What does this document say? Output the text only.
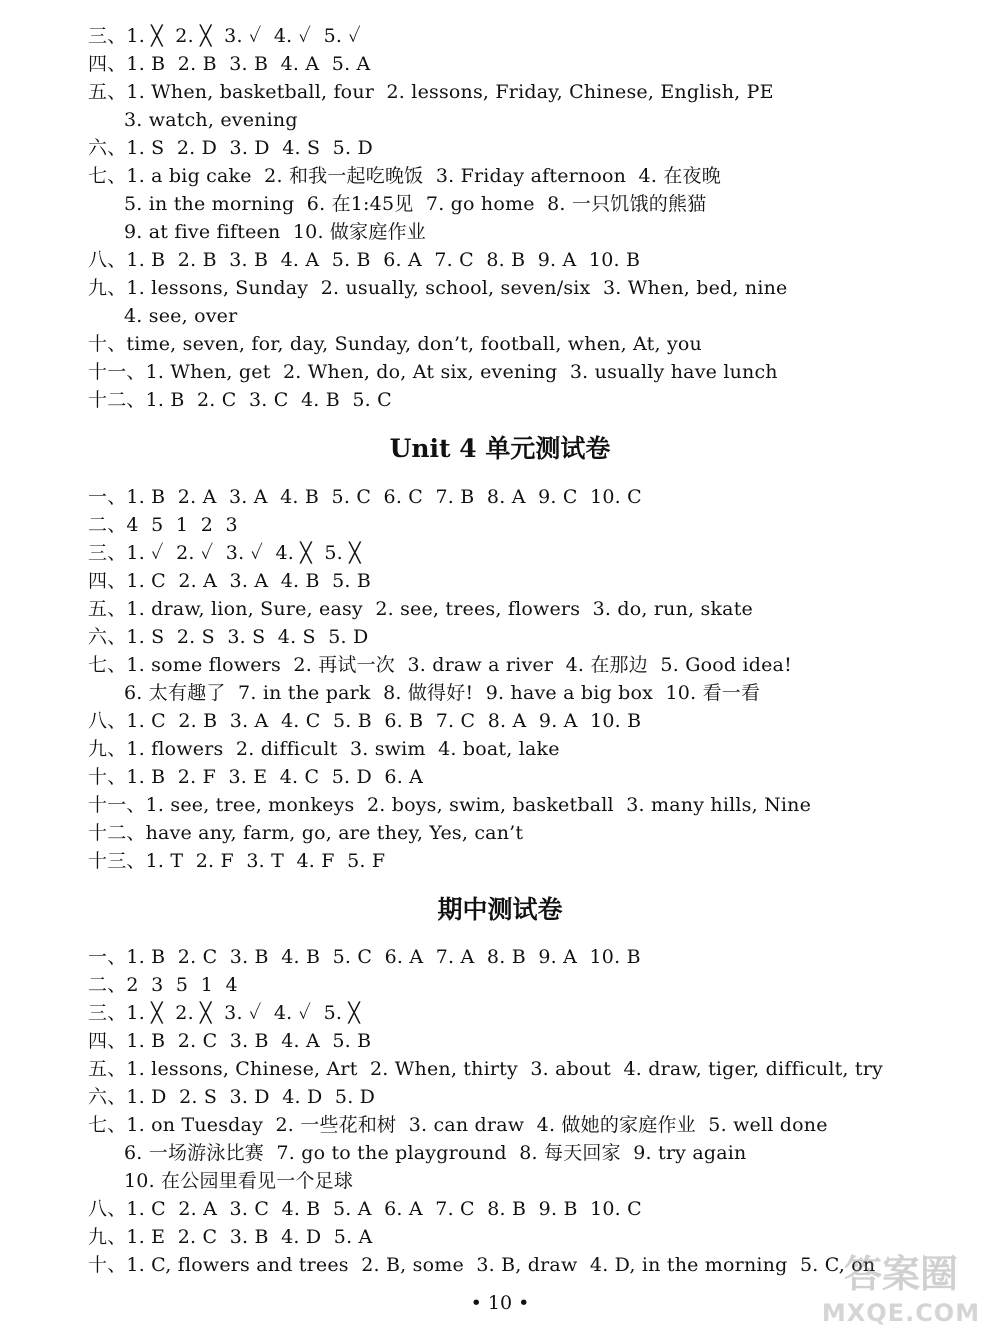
三、1. ╳  2. ╳  3. ✓  4. ✓  5. ✓
四、1. B  2. B  3. B  4. A  5. A
五、1. When, basketball, four  2. lessons, Friday, Chinese, English, PE
3. watch, evening
六、1. S  2. D  3. D  4. S  5. D
七、1. a big cake  2. 和我一起吃晚饭  3. Friday afternoon  4. 在夜晚
5. in the morning  6. 在1:45见  7. go home  8. 一只饥饿的熊猫
9. at five fifteen  10. 做家庭作业
八、1. B  2. B  3. B  4. A  5. B  6. A  7. C  8. B  9. A  10. B
九、1. lessons, Sunday  2. usually, school, seven/six  3. When, bed, nine
4. see, over
十、time, seven, for, day, Sunday, don’t, football, when, At, you
十一、1. When, get  2. When, do, At six, evening  3. usually have lunch
十二、1. B  2. C  3. C  4. B  5. C
Unit 4 单元测试卷
一、1. B  2. A  3. A  4. B  5. C  6. C  7. B  8. A  9. C  10. C
二、4  5  1  2  3
三、1. ✓  2. ✓  3. ✓  4. ╳  5. ╳
四、1. C  2. A  3. A  4. B  5. B
五、1. draw, lion, Sure, easy  2. see, trees, flowers  3. do, run, skate
六、1. S  2. S  3. S  4. S  5. D
七、1. some flowers  2. 再试一次  3. draw a river  4. 在那边  5. Good idea!
6. 太有趣了  7. in the park  8. 做得好!  9. have a big box  10. 看一看
八、1. C  2. B  3. A  4. C  5. B  6. B  7. C  8. A  9. A  10. B
九、1. flowers  2. difficult  3. swim  4. boat, lake
十、1. B  2. F  3. E  4. C  5. D  6. A
十一、1. see, tree, monkeys  2. boys, swim, basketball  3. many hills, Nine
十二、have any, farm, go, are they, Yes, can’t
十三、1. T  2. F  3. T  4. F  5. F
期中测试卷
一、1. B  2. C  3. B  4. B  5. C  6. A  7. A  8. B  9. A  10. B
二、2  3  5  1  4
三、1. ╳  2. ╳  3. ✓  4. ✓  5. ╳
四、1. B  2. C  3. B  4. A  5. B
五、1. lessons, Chinese, Art  2. When, thirty  3. about  4. draw, tiger, difficult, try
六、1. D  2. S  3. D  4. D  5. D
七、1. on Tuesday  2. 一些花和树  3. can draw  4. 做她的家庭作业  5. well done
6. 一场游泳比赛  7. go to the playground  8. 每天回家  9. try again
10. 在公园里看见一个足球
八、1. C  2. A  3. C  4. B  5. A  6. A  7. C  8. B  9. B  10. C
九、1. E  2. C  3. B  4. D  5. A
十、1. C, flowers and trees  2. B, some  3. B, draw  4. D, in the morning  5. C, on
• 10 •
答案圈
MXQE.COM
